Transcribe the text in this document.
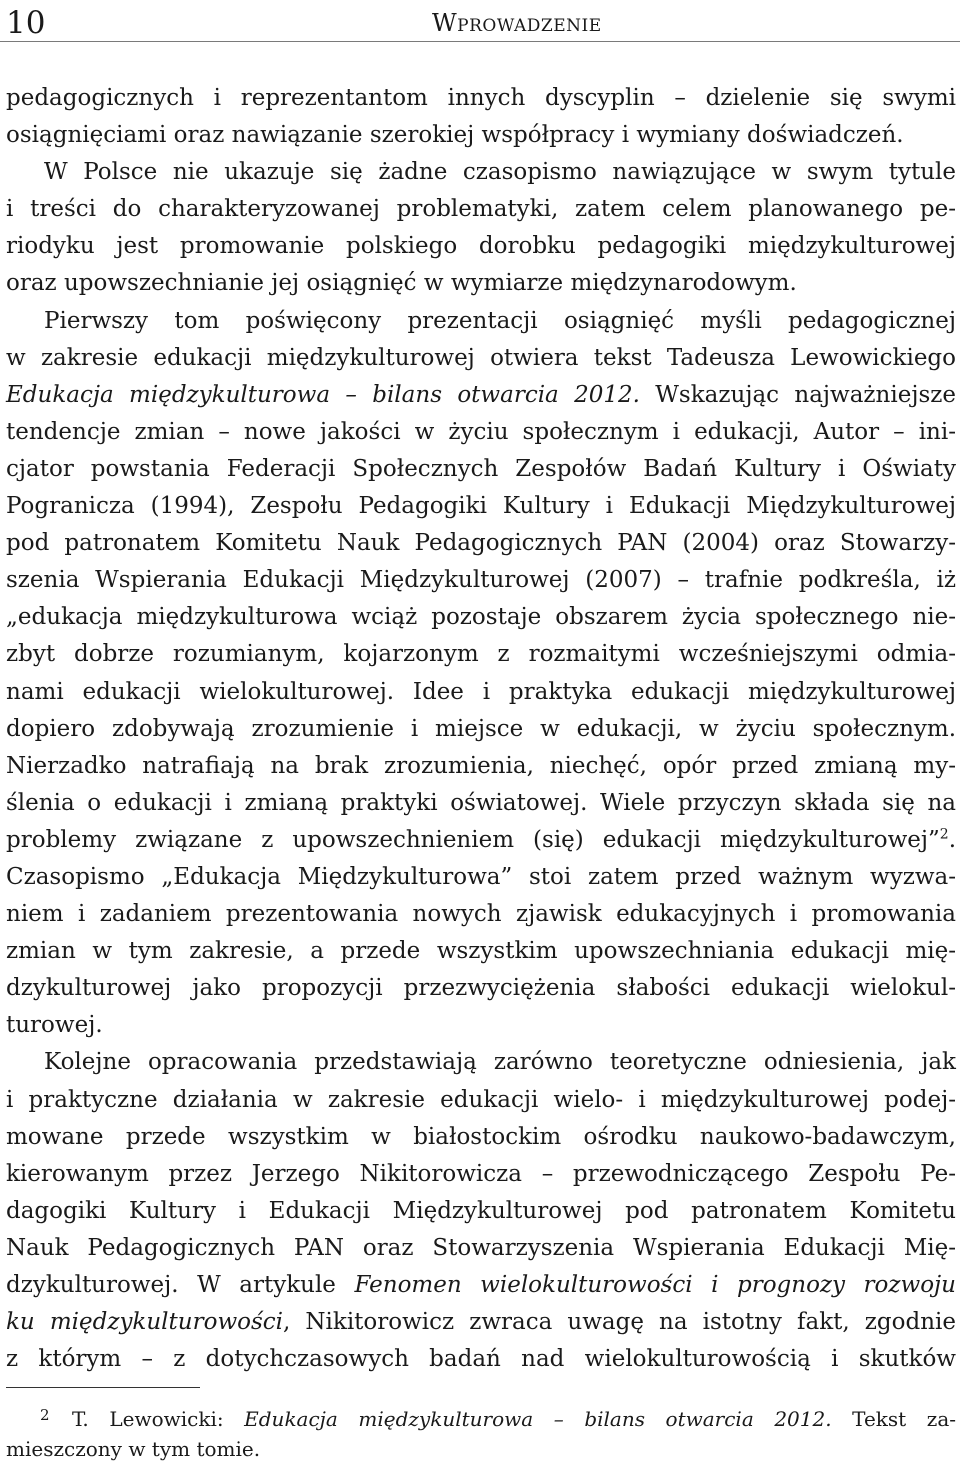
10	Wprowadzenie
pedagogicznych i reprezentantom innych dyscyplin – dzielenie się swymi
osiągnięciami oraz nawiązanie szerokiej współpracy i wymiany doświadczeń.
W Polsce nie ukazuje się żadne czasopismo nawiązujące w swym tytule
i treści do charakteryzowanej problematyki, zatem celem planowanego pe-
riodyku jest promowanie polskiego dorobku pedagogiki międzykulturowej
oraz upowszechnianie jej osiągnięć w wymiarze międzynarodowym.
Pierwszy tom poświęcony prezentacji osiągnięć myśli pedagogicznej
w zakresie edukacji międzykulturowej otwiera tekst Tadeusza Lewowickiego
Edukacja międzykulturowa – bilans otwarcia 2012. Wskazując najważniejsze
tendencje zmian – nowe jakości w życiu społecznym i edukacji, Autor – ini-
cjator powstania Federacji Społecznych Zespołów Badań Kultury i Oświaty
Pogranicza (1994), Zespołu Pedagogiki Kultury i Edukacji Międzykulturowej
pod patronatem Komitetu Nauk Pedagogicznych PAN (2004) oraz Stowarzy-
szenia Wspierania Edukacji Międzykulturowej (2007) – trafnie podkreśla, iż
„edukacja międzykulturowa wciąż pozostaje obszarem życia społecznego nie-
zbyt dobrze rozumianym, kojarzonym z rozmaitymi wcześniejszymi odmia-
nami edukacji wielokulturowej. Idee i praktyka edukacji międzykulturowej
dopiero zdobywają zrozumienie i miejsce w edukacji, w życiu społecznym.
Nierzadko natrafiają na brak zrozumienia, niechęć, opór przed zmianą my-
ślenia o edukacji i zmianą praktyki oświatowej. Wiele przyczyn składa się na
problemy związane z upowszechnieniem (się) edukacji międzykulturowej”$^2$.
Czasopismo „Edukacja Międzykulturowa” stoi zatem przed ważnym wyzwa-
niem i zadaniem prezentowania nowych zjawisk edukacyjnych i promowania
zmian w tym zakresie, a przede wszystkim upowszechniania edukacji mię-
dzykulturowej jako propozycji przezwyciężenia słabości edukacji wielokul-
turowej.
Kolejne opracowania przedstawiają zarówno teoretyczne odniesienia, jak
i praktyczne działania w zakresie edukacji wielo- i międzykulturowej podej-
mowane przede wszystkim w białostockim ośrodku naukowo-badawczym,
kierowanym przez Jerzego Nikitorowicza – przewodniczącego Zespołu Pe-
dagogiki Kultury i Edukacji Międzykulturowej pod patronatem Komitetu
Nauk Pedagogicznych PAN oraz Stowarzyszenia Wspierania Edukacji Mię-
dzykulturowej. W artykule Fenomen wielokulturowości i prognozy rozwoju
ku międzykulturowości, Nikitorowicz zwraca uwagę na istotny fakt, zgodnie
z którym – z dotychczasowych badań nad wielokulturowością i skutków
2 T. Lewowicki: Edukacja międzykulturowa – bilans otwarcia 2012. Tekst za-
mieszczony w tym tomie.
